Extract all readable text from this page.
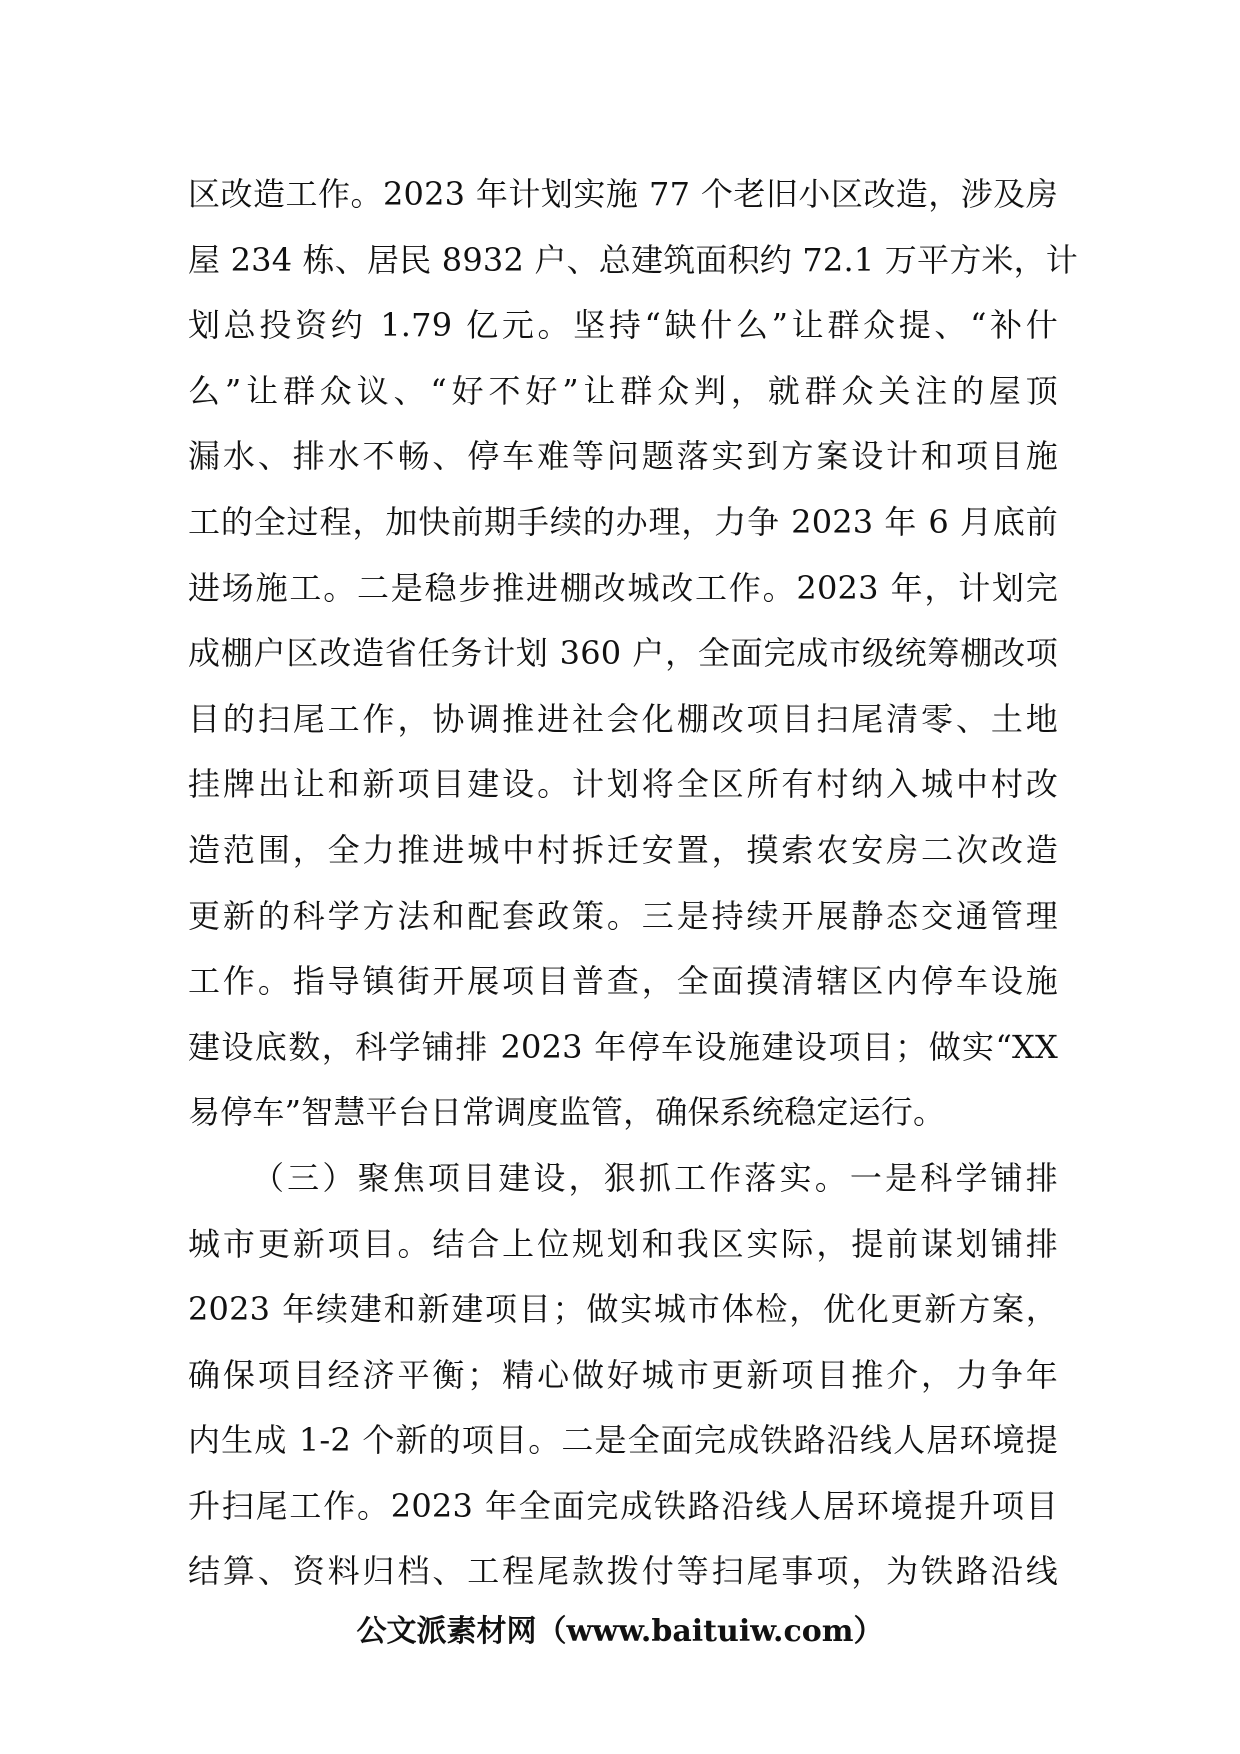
区改造工作。2023 年计划实施 77 个老旧小区改造，涉及房
屋 234 栋、居民 8932 户、总建筑面积约 72.1 万平方米，计
划总投资约 1.79 亿元。坚持“缺什么”让群众提、“补什
么”让群众议、“好不好”让群众判，就群众关注的屋顶
漏水、排水不畅、停车难等问题落实到方案设计和项目施
工的全过程，加快前期手续的办理，力争 2023 年 6 月底前
进场施工。二是稳步推进棚改城改工作。2023 年，计划完
成棚户区改造省任务计划 360 户，全面完成市级统筹棚改项
目的扫尾工作，协调推进社会化棚改项目扫尾清零、土地
挂牌出让和新项目建设。计划将全区所有村纳入城中村改
造范围，全力推进城中村拆迁安置，摸索农安房二次改造
更新的科学方法和配套政策。三是持续开展静态交通管理
工作。指导镇街开展项目普查，全面摸清辖区内停车设施
建设底数，科学铺排 2023 年停车设施建设项目；做实“XX
易停车”智慧平台日常调度监管，确保系统稳定运行。
（三）聚焦项目建设，狠抓工作落实。一是科学铺排
城市更新项目。结合上位规划和我区实际，提前谋划铺排
2023 年续建和新建项目；做实城市体检，优化更新方案，
确保项目经济平衡；精心做好城市更新项目推介，力争年
内生成 1-2 个新的项目。二是全面完成铁路沿线人居环境提
升扫尾工作。2023 年全面完成铁路沿线人居环境提升项目
结算、资料归档、工程尾款拨付等扫尾事项，为铁路沿线
公文派素材网（www.baituiw.com）
